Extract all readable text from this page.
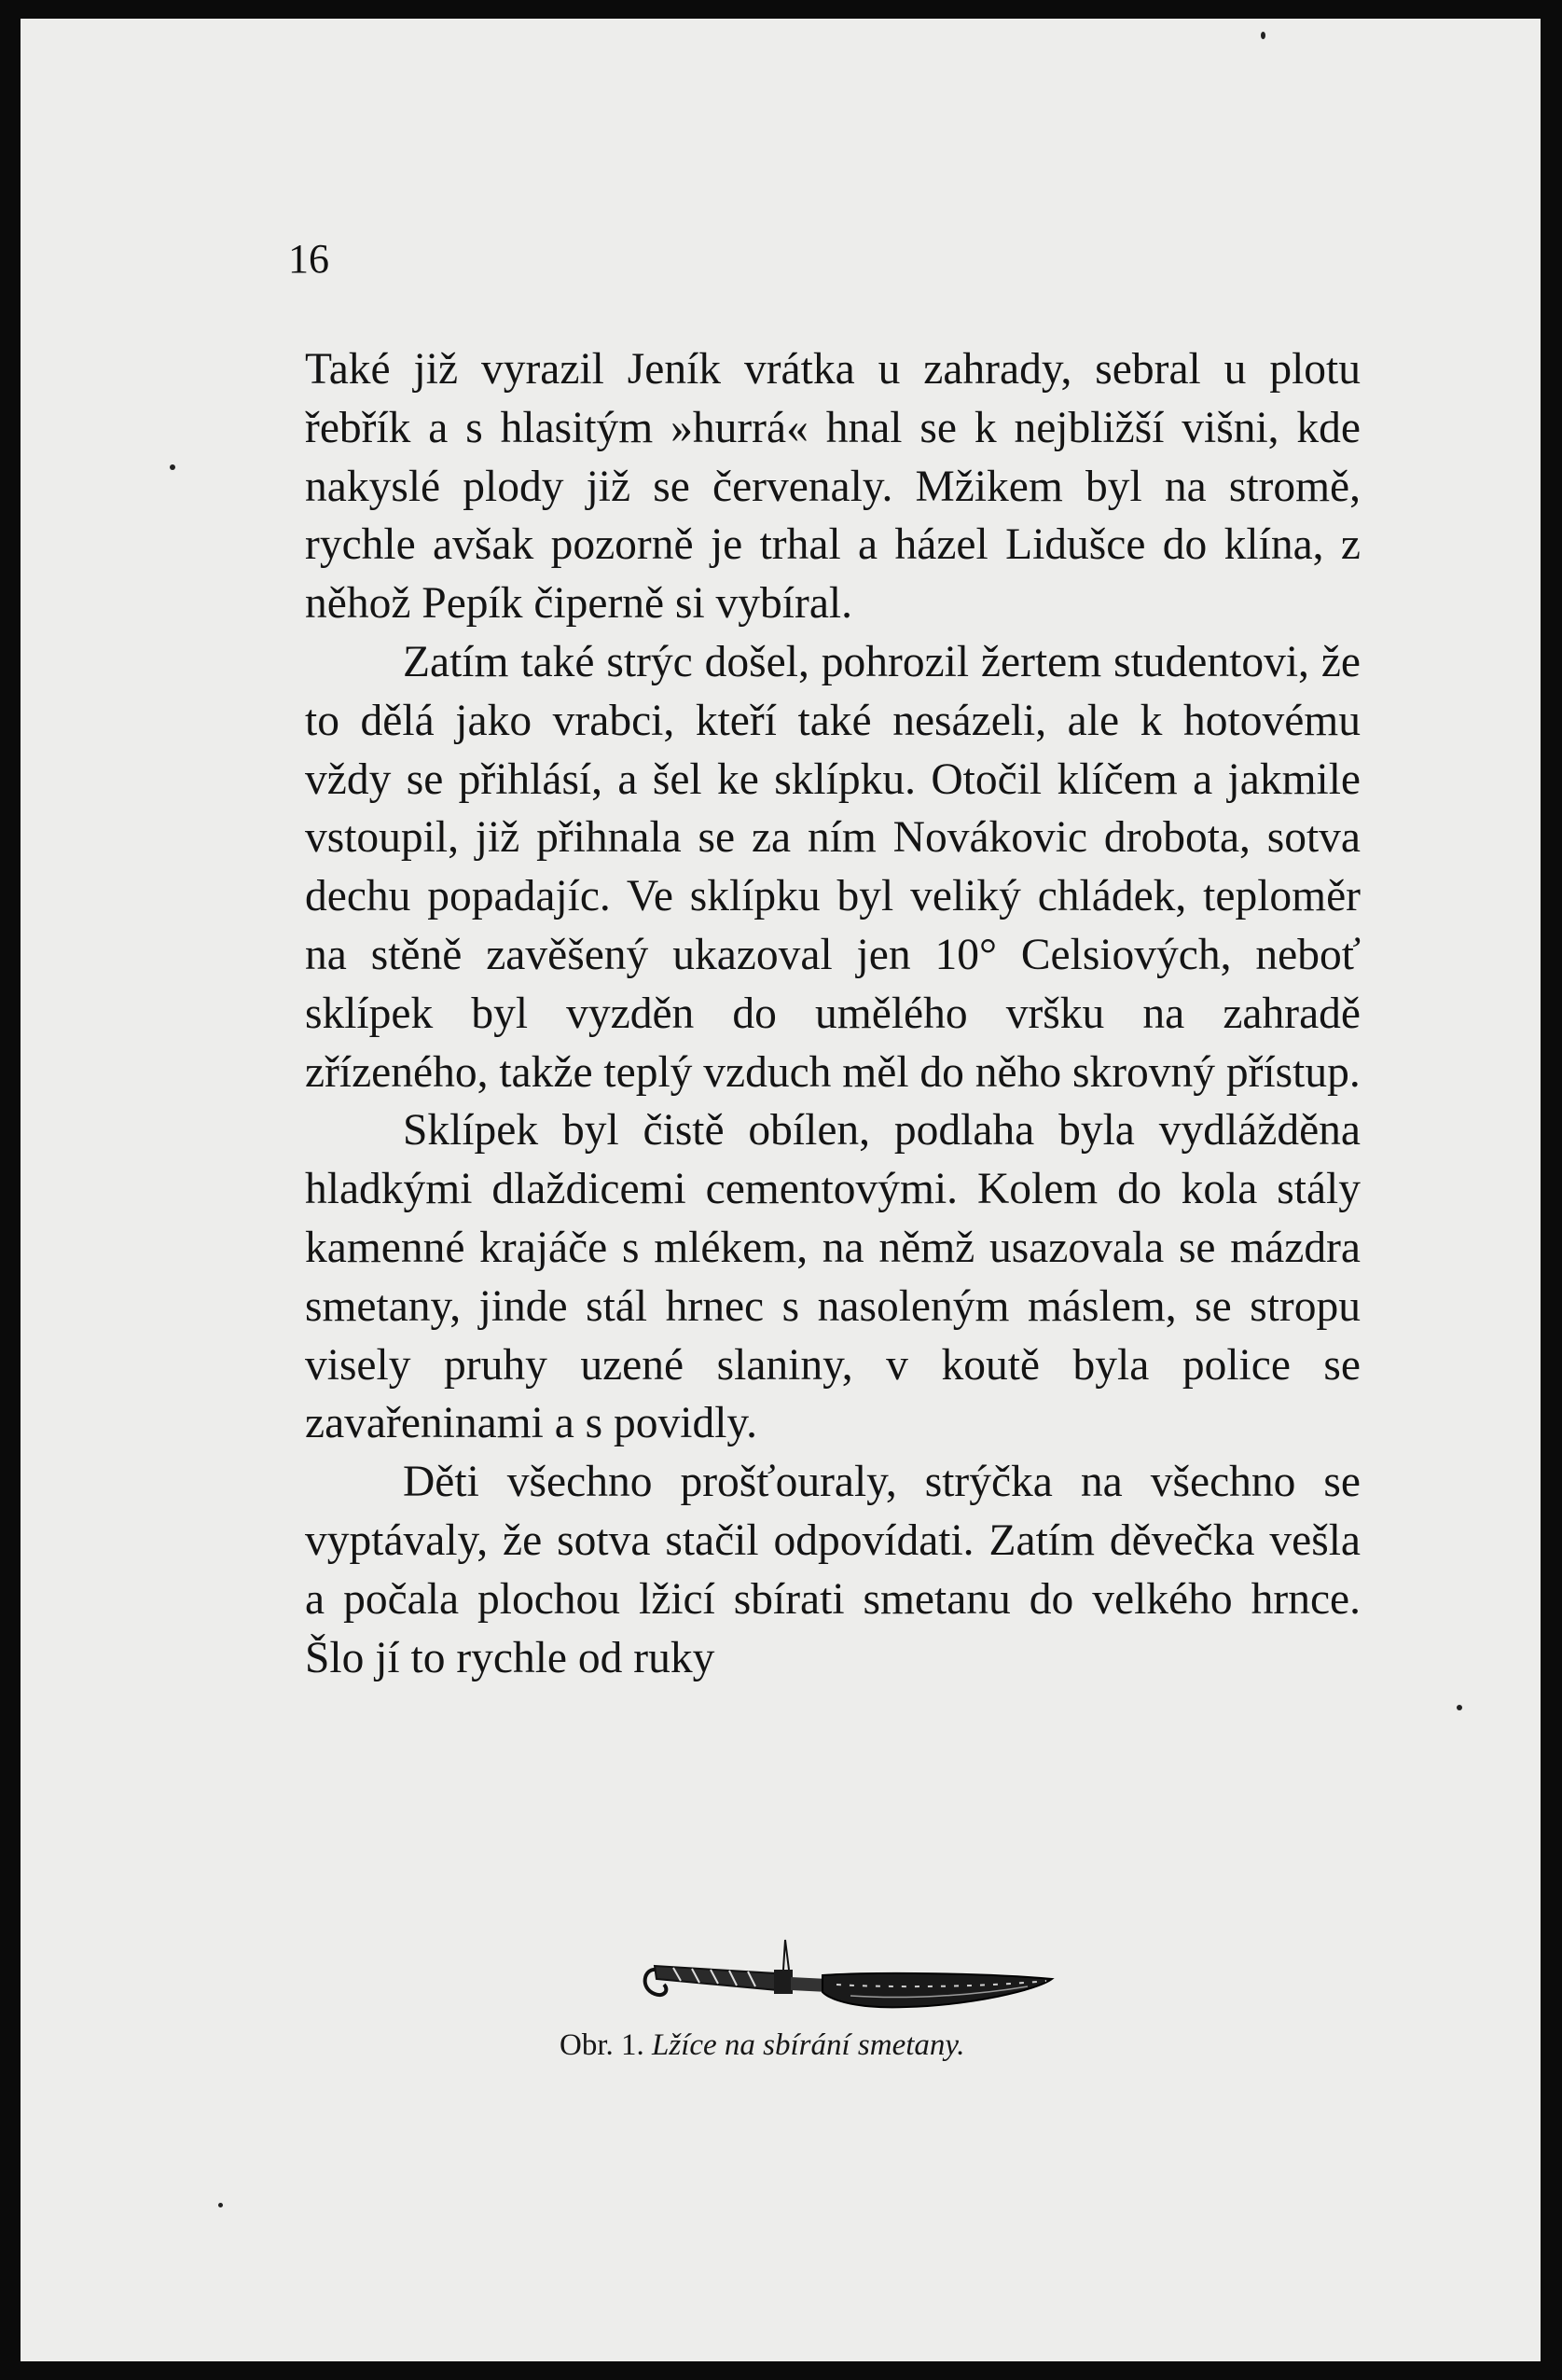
16

Také již vyrazil Jeník vrátka u zahrady, sebral u plotu řebřík a s hlasitým »hurrá« hnal se k nejbližší višni, kde nakyslé plody již se červenaly. Mžikem byl na stromě, rychle avšak pozorně je trhal a házel Lidušce do klína, z něhož Pepík čiperně si vybíral.

Zatím také strýc došel, pohrozil žertem studentovi, že to dělá jako vrabci, kteří také nesázeli, ale k hotovému vždy se přihlásí, a šel ke sklípku. Otočil klíčem a jakmile vstoupil, již přihnala se za ním Novákovic drobota, sotva dechu popadajíc. Ve sklípku byl veliký chládek, teploměr na stěně zavěšený ukazoval jen 10° Celsiových, neboť sklípek byl vyzděn do umělého vršku na zahradě zřízeného, takže teplý vzduch měl do něho skrovný přístup.

Sklípek byl čistě obílen, podlaha byla vydlážděna hladkými dlaždicemi cementovými. Kolem do kola stály kamenné krajáče s mlékem, na němž usazovala se mázdra smetany, jinde stál hrnec s nasoleným máslem, se stropu visely pruhy uzené slaniny, v koutě byla police se zavařeninami a s povidly.

Děti všechno prošťouraly, strýčka na všechno se vyptávaly, že sotva stačil odpovídati. Zatím děvečka vešla a počala plochou lžicí sbírati smetanu do velkého hrnce. Šlo jí to rychle od ruky

Obr. 1. Lžíce na sbírání smetany.
